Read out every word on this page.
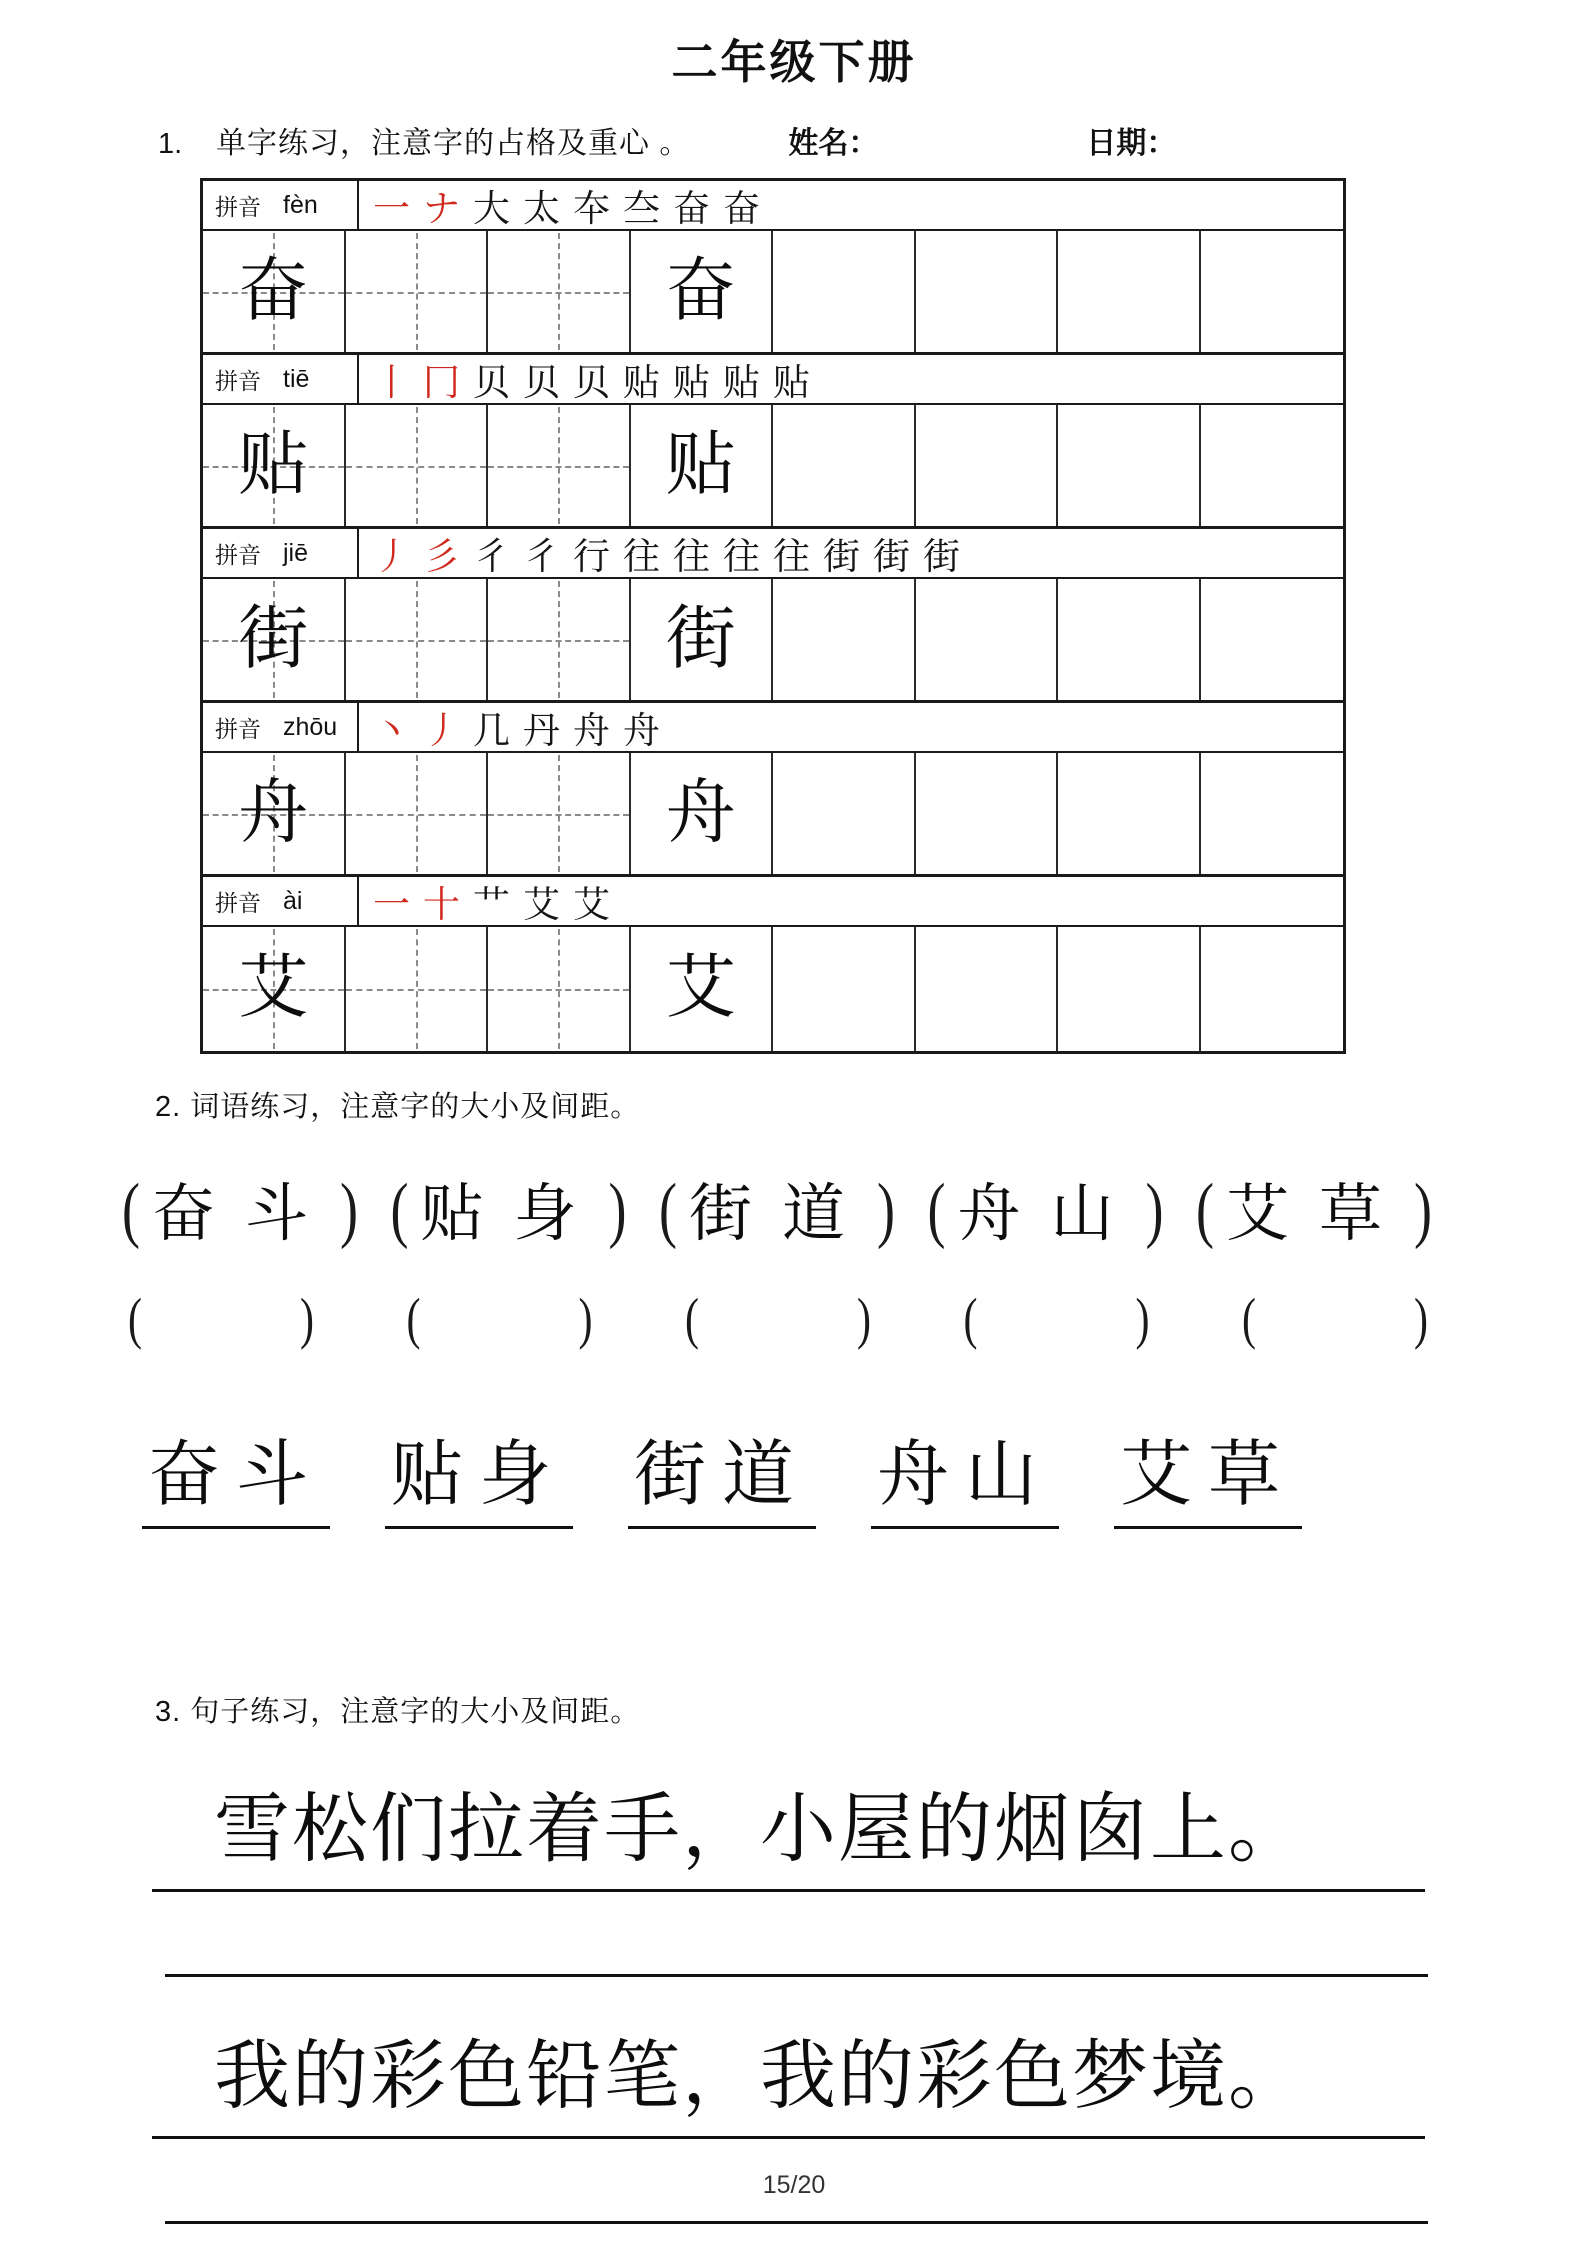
二年级下册
1.	单字练习，注意字的占格及重心 。	姓名：	日期：
拼音 fèn 一ナ 大太夲夳奋奋
奋	奋
拼音 tiē 丨冂 贝贝贝贴贴贴贴
贴	贴
拼音 jiē 丿彡 彳彳行往往往往街街街
街	街
拼音 zhōu 丶丿 几丹舟舟
舟	舟
拼音 ài 一十 艹艾艾
艾	艾
2. 词语练习，注意字的大小及间距。
( 奋斗 ) ( 贴身 ) ( 街道 ) ( 舟山 ) ( 艾草 )
(	) (	) (	) (	) (	)
奋斗 贴身 街道 舟山 艾草
3. 句子练习，注意字的大小及间距。
雪松们拉着手，小屋的烟囱上。
我的彩色铅笔，我的彩色梦境。
15/20
